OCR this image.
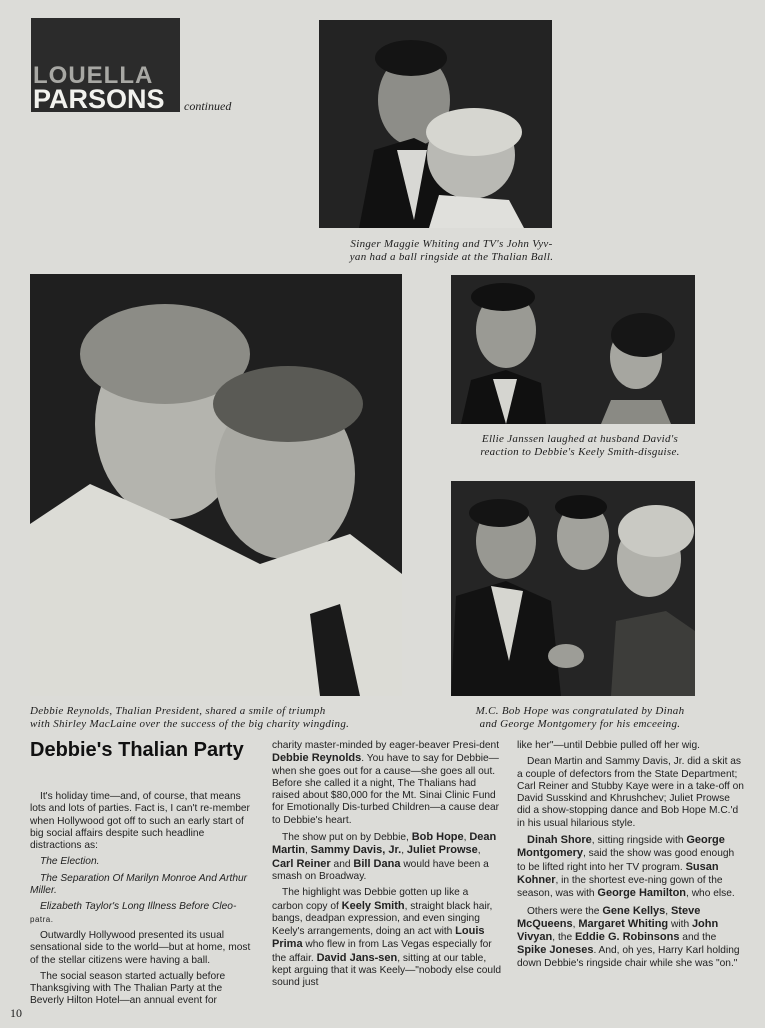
LOUELLA
PARSONS continued
Singer Maggie Whiting and TV's John Vyv-
yan had a ball ringside at the Thalian Ball.
Debbie Reynolds, Thalian President, shared a smile of triumph
with Shirley MacLaine over the success of the big charity wingding.
Ellie Janssen laughed at husband David's
reaction to Debbie's Keely Smith-disguise.
M.C. Bob Hope was congratulated by Dinah
and George Montgomery for his emceeing.
Debbie's Thalian Party

It's holiday time—and, of course, that means lots and lots of parties. Fact is, I can't re-member when Hollywood got off to such an early start of big social affairs despite such headline distractions as:

The Election.

The Separation Of Marilyn Monroe And Arthur Miller.

Elizabeth Taylor's Long Illness Before Cleo- patra.

Outwardly Hollywood presented its usual sensational side to the world—but at home, most of the stellar citizens were having a ball.

The social season started actually before Thanksgiving with The Thalian Party at the Beverly Hilton Hotel—an annual event for

charity master-minded by eager-beaver Presi-dent Debbie Reynolds. You have to say for Debbie—when she goes out for a cause—she goes all out. Before she called it a night, The Thalians had raised about $80,000 for the Mt. Sinai Clinic Fund for Emotionally Dis-turbed Children—a cause dear to Debbie's heart.

The show put on by Debbie, Bob Hope, Dean Martin, Sammy Davis, Jr., Juliet Prowse, Carl Reiner and Bill Dana would have been a smash on Broadway.

The highlight was Debbie gotten up like a carbon copy of Keely Smith, straight black hair, bangs, deadpan expression, and even singing Keely's arrangements, doing an act with Louis Prima who flew in from Las Vegas especially for the affair. David Jans-sen, sitting at our table, kept arguing that it was Keely—"nobody else could sound just

like her"—until Debbie pulled off her wig.

Dean Martin and Sammy Davis, Jr. did a skit as a couple of defectors from the State Department; Carl Reiner and Stubby Kaye were in a take-off on David Susskind and Khrushchev; Juliet Prowse did a show-stopping dance and Bob Hope M.C.'d in his usual hilarious style.

Dinah Shore, sitting ringside with George Montgomery, said the show was good enough to be lifted right into her TV program. Susan Kohner, in the shortest eve-ning gown of the season, was with George Hamilton, who else.

Others were the Gene Kellys, Steve McQueens, Margaret Whiting with John Vivyan, the Eddie G. Robinsons and the Spike Joneses. And, oh yes, Harry Karl holding down Debbie's ringside chair while she was "on."

10
